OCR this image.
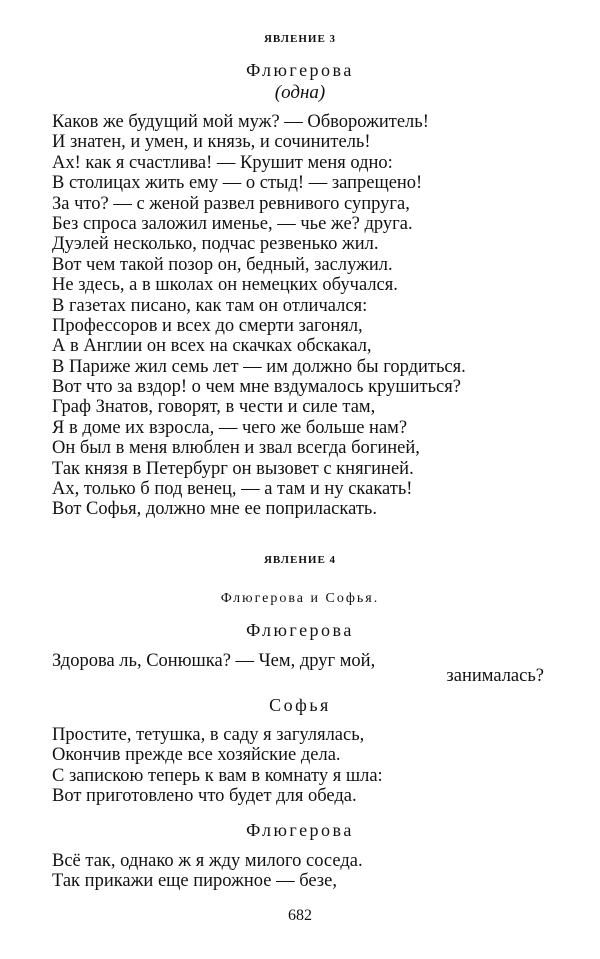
ЯВЛЕНИЕ 3
Флюгерова
(одна)
Каков же будущий мой муж? — Обворожитель!
И знатен, и умен, и князь, и сочинитель!
Ах! как я счастлива! — Крушит меня одно:
В столицах жить ему — о стыд! — запрещено!
За что? — с женой развел ревнивого супруга,
Без спроса заложил именье, — чье же? друга.
Дуэлей несколько, подчас резвенько жил.
Вот чем такой позор он, бедный, заслужил.
Не здесь, а в школах он немецких обучался.
В газетах писано, как там он отличался:
Профессоров и всех до смерти загонял,
А в Англии он всех на скачках обскакал,
В Париже жил семь лет — им должно бы гордиться.
Вот что за вздор! о чем мне вздумалось крушиться?
Граф Знатов, говорят, в чести и силе там,
Я в доме их взросла, — чего же больше нам?
Он был в меня влюблен и звал всегда богиней,
Так князя в Петербург он вызовет с княгиней.
Ах, только б под венец, — а там и ну скакать!
Вот Софья, должно мне ее поприласкать.
ЯВЛЕНИЕ 4
Флюгерова и Софья.
Флюгерова
Здорова ль, Сонюшка? — Чем, друг мой,
занималась?
Софья
Простите, тетушка, в саду я загулялась,
Окончив прежде все хозяйские дела.
С запискою теперь к вам в комнату я шла:
Вот приготовлено что будет для обеда.
Флюгерова
Всё так, однако ж я жду милого соседа.
Так прикажи еще пирожное — безе,
682
